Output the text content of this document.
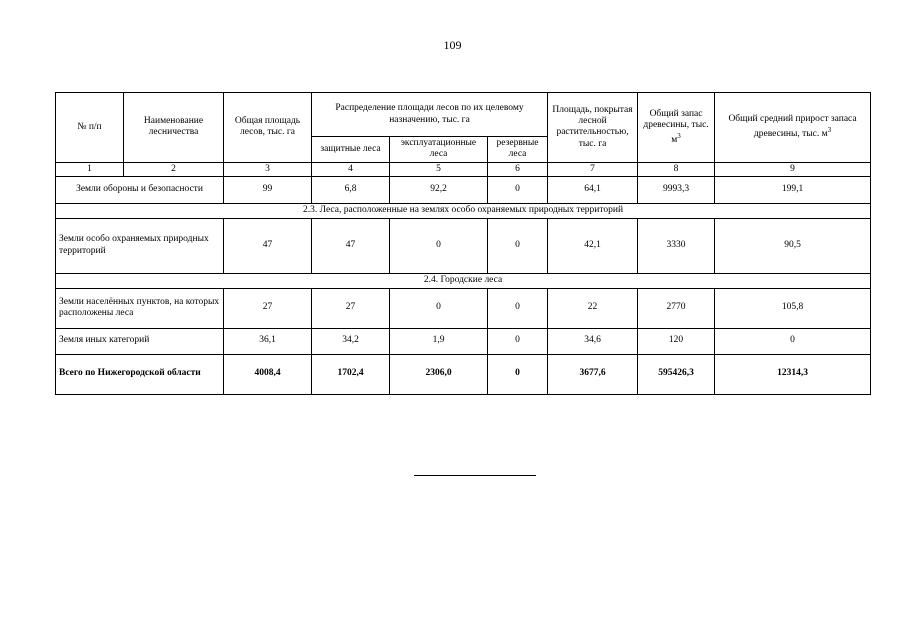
109
№ п/п	Наименование лесничества	Общая площадь лесов, тыс. га	Распределение площади лесов по их целевому назначению, тыс. га			Площадь, покрытая лесной растительностью, тыс. га	Общий запас древесины, тыс. $м^3$	Общий средний прирост запаса древесины, тыс. $м^3$
			защитные леса	эксплуатационные леса	резервные леса			
1	2	3	4	5	6	7	8	9
Земли обороны и безопасности		99	6,8	92,2	0	64,1	9993,3	199,1
2.3. Леса, расположенные на землях особо охраняемых природных территорий								
Земли особо охраняемых природных территорий		47	47	0	0	42,1	3330	90,5
2.4. Городские леса								
Земли населённых пунктов, на которых расположены леса		27	27	0	0	22	2770	105,8
Земля иных категорий		36,1	34,2	1,9	0	34,6	120	0
Всего по Нижегородской области		4008,4	1702,4	2306,0	0	3677,6	595426,3	12314,3
